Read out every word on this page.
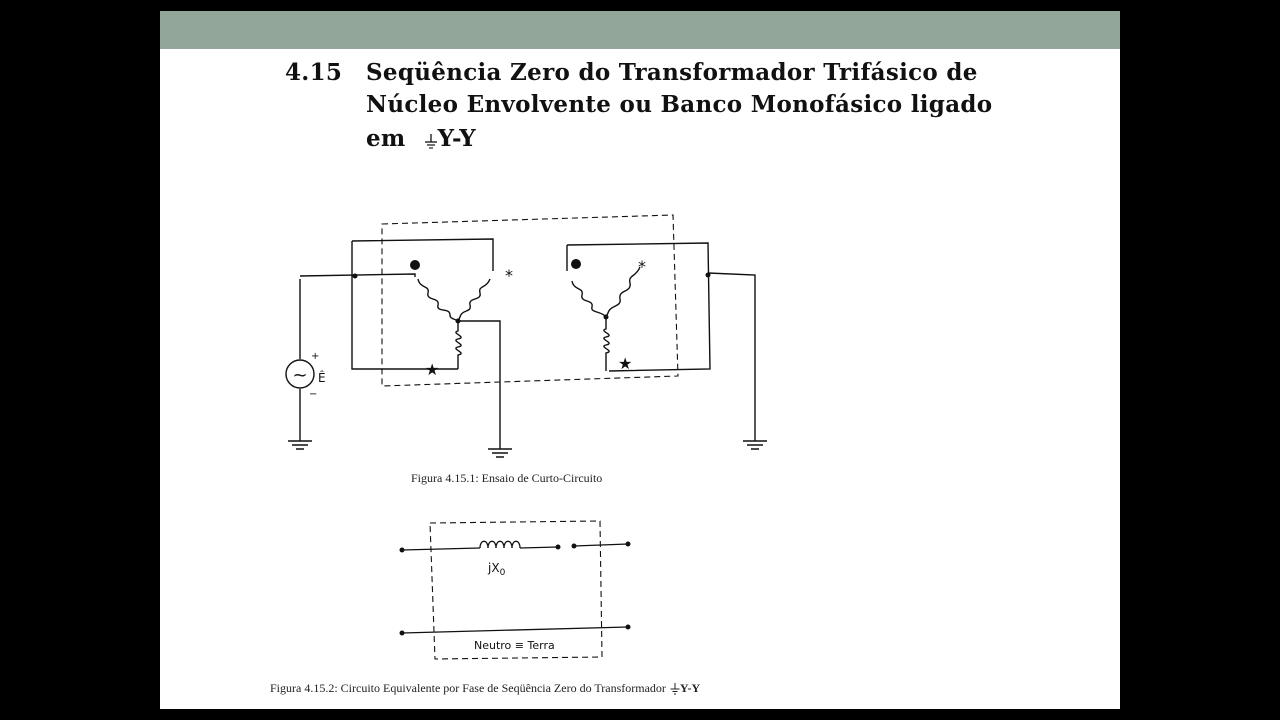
4.15 Seqüência Zero do Transformador Trifásico de
Núcleo Envolvente ou Banco Monofásico ligado
em Y-Y
~
+
−
Ê
*	*
★	★
Figura 4.15.1: Ensaio de Curto-Circuito
$jX_0$
Neutro ≡ Terra
Figura 4.15.2: Circuito Equivalente por Fase de Seqüência Zero do Transformador Y-Y
